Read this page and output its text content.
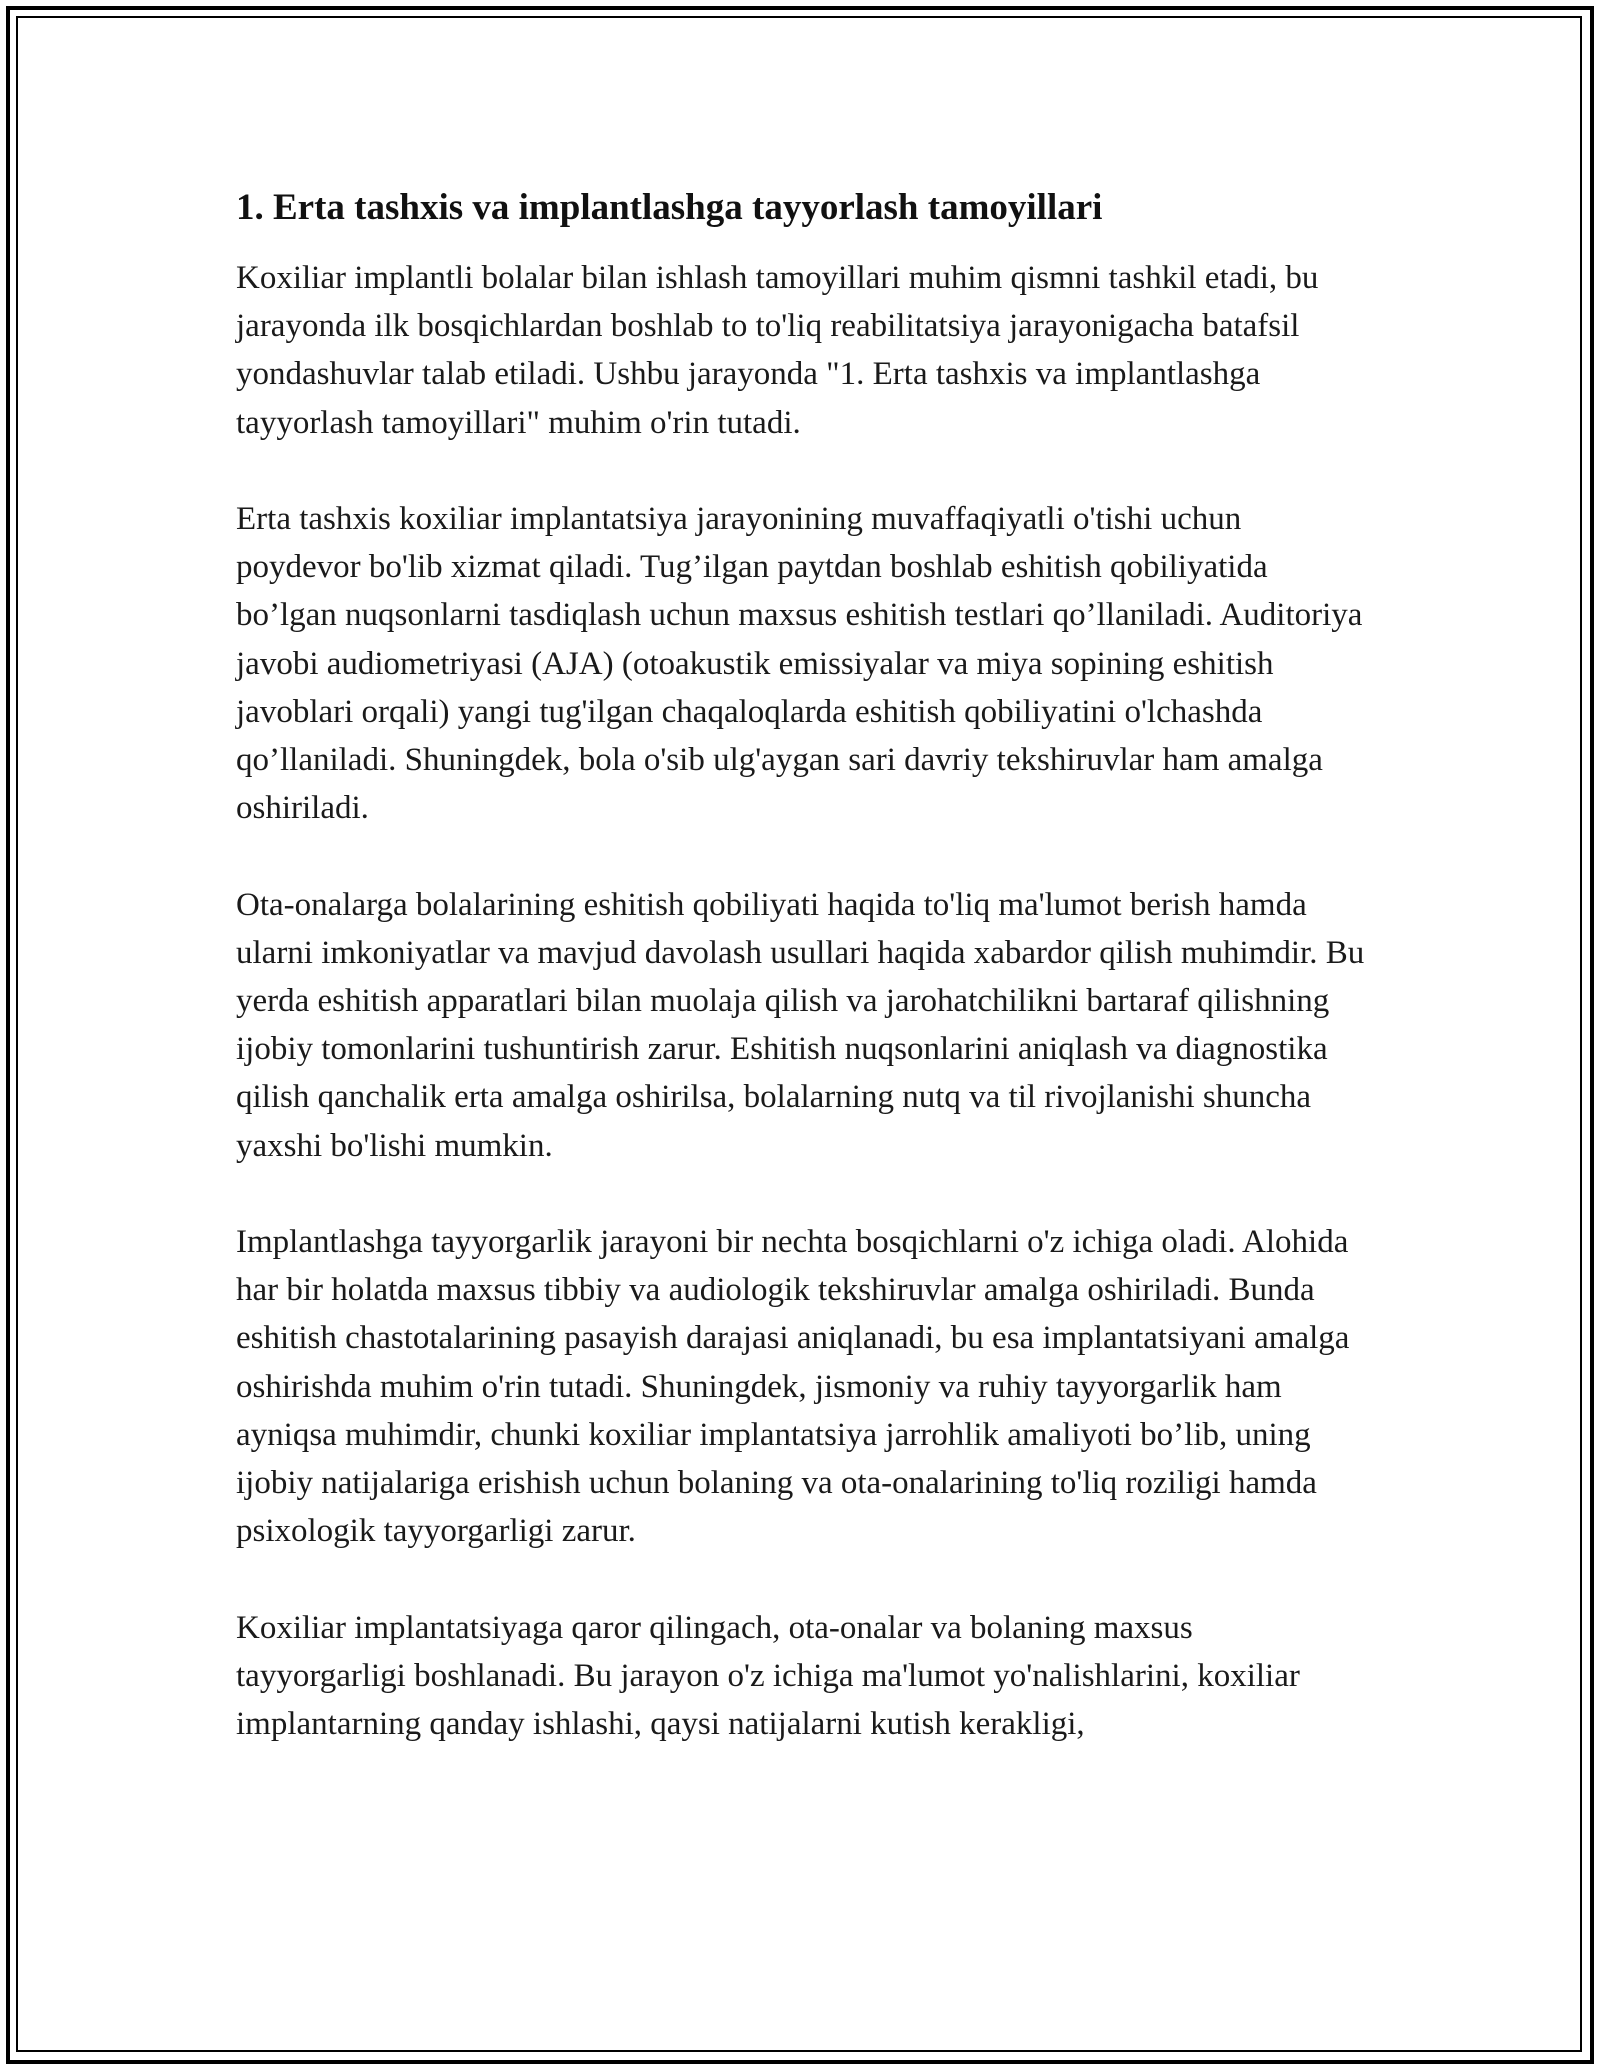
1. Erta tashxis va implantlashga tayyorlash tamoyillari

Koxiliar implantli bolalar bilan ishlash tamoyillari muhim qismni tashkil etadi, bu jarayonda ilk bosqichlardan boshlab to to'liq reabilitatsiya jarayonigacha batafsil yondashuvlar talab etiladi. Ushbu jarayonda "1. Erta tashxis va implantlashga tayyorlash tamoyillari" muhim o'rin tutadi.

Erta tashxis koxiliar implantatsiya jarayonining muvaffaqiyatli o'tishi uchun poydevor bo'lib xizmat qiladi. Tug’ilgan paytdan boshlab eshitish qobiliyatida bo’lgan nuqsonlarni tasdiqlash uchun maxsus eshitish testlari qo’llaniladi. Auditoriya javobi audiometriyasi (AJA) (otoakustik emissiyalar va miya sopining eshitish javoblari orqali) yangi tug'ilgan chaqaloqlarda eshitish qobiliyatini o'lchashda qo’llaniladi. Shuningdek, bola o'sib ulg'aygan sari davriy tekshiruvlar ham amalga oshiriladi.

Ota-onalarga bolalarining eshitish qobiliyati haqida to'liq ma'lumot berish hamda ularni imkoniyatlar va mavjud davolash usullari haqida xabardor qilish muhimdir. Bu yerda eshitish apparatlari bilan muolaja qilish va jarohatchilikni bartaraf qilishning ijobiy tomonlarini tushuntirish zarur. Eshitish nuqsonlarini aniqlash va diagnostika qilish qanchalik erta amalga oshirilsa, bolalarning nutq va til rivojlanishi shuncha yaxshi bo'lishi mumkin.

Implantlashga tayyorgarlik jarayoni bir nechta bosqichlarni o'z ichiga oladi. Alohida har bir holatda maxsus tibbiy va audiologik tekshiruvlar amalga oshiriladi. Bunda eshitish chastotalarining pasayish darajasi aniqlanadi, bu esa implantatsiyani amalga oshirishda muhim o'rin tutadi. Shuningdek, jismoniy va ruhiy tayyorgarlik ham ayniqsa muhimdir, chunki koxiliar implantatsiya jarrohlik amaliyoti bo’lib, uning ijobiy natijalariga erishish uchun bolaning va ota-onalarining to'liq roziligi hamda psixologik tayyorgarligi zarur.

Koxiliar implantatsiyaga qaror qilingach, ota-onalar va bolaning maxsus tayyorgarligi boshlanadi. Bu jarayon o'z ichiga ma'lumot yo'nalishlarini, koxiliar implantarning qanday ishlashi, qaysi natijalarni kutish kerakligi,
